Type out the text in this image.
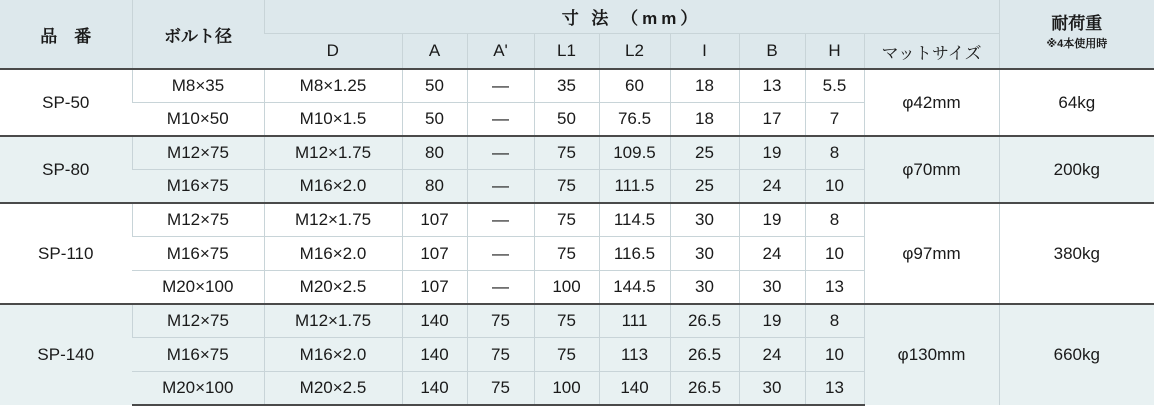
品　番	ボルト径	寸 法 （mm）									耐荷重
※4本使用時

		D	A	A'	L1	L2	I	B	H	マットサイズ	
SP-50	M8×35	M8×1.25	50	—	35	60	18	13	5.5	φ42mm	64kg
	M10×50	M10×1.5	50	—	50	76.5	18	17	7		
SP-80	M12×75	M12×1.75	80	—	75	109.5	25	19	8	φ70mm	200kg
	M16×75	M16×2.0	80	—	75	111.5	25	24	10		
SP-110	M12×75	M12×1.75	107	—	75	114.5	30	19	8	φ97mm	380kg
	M16×75	M16×2.0	107	—	75	116.5	30	24	10		
	M20×100	M20×2.5	107	—	100	144.5	30	30	13		
SP-140	M12×75	M12×1.75	140	75	75	111	26.5	19	8	φ130mm	660kg
	M16×75	M16×2.0	140	75	75	113	26.5	24	10		
	M20×100	M20×2.5	140	75	100	140	26.5	30	13		
